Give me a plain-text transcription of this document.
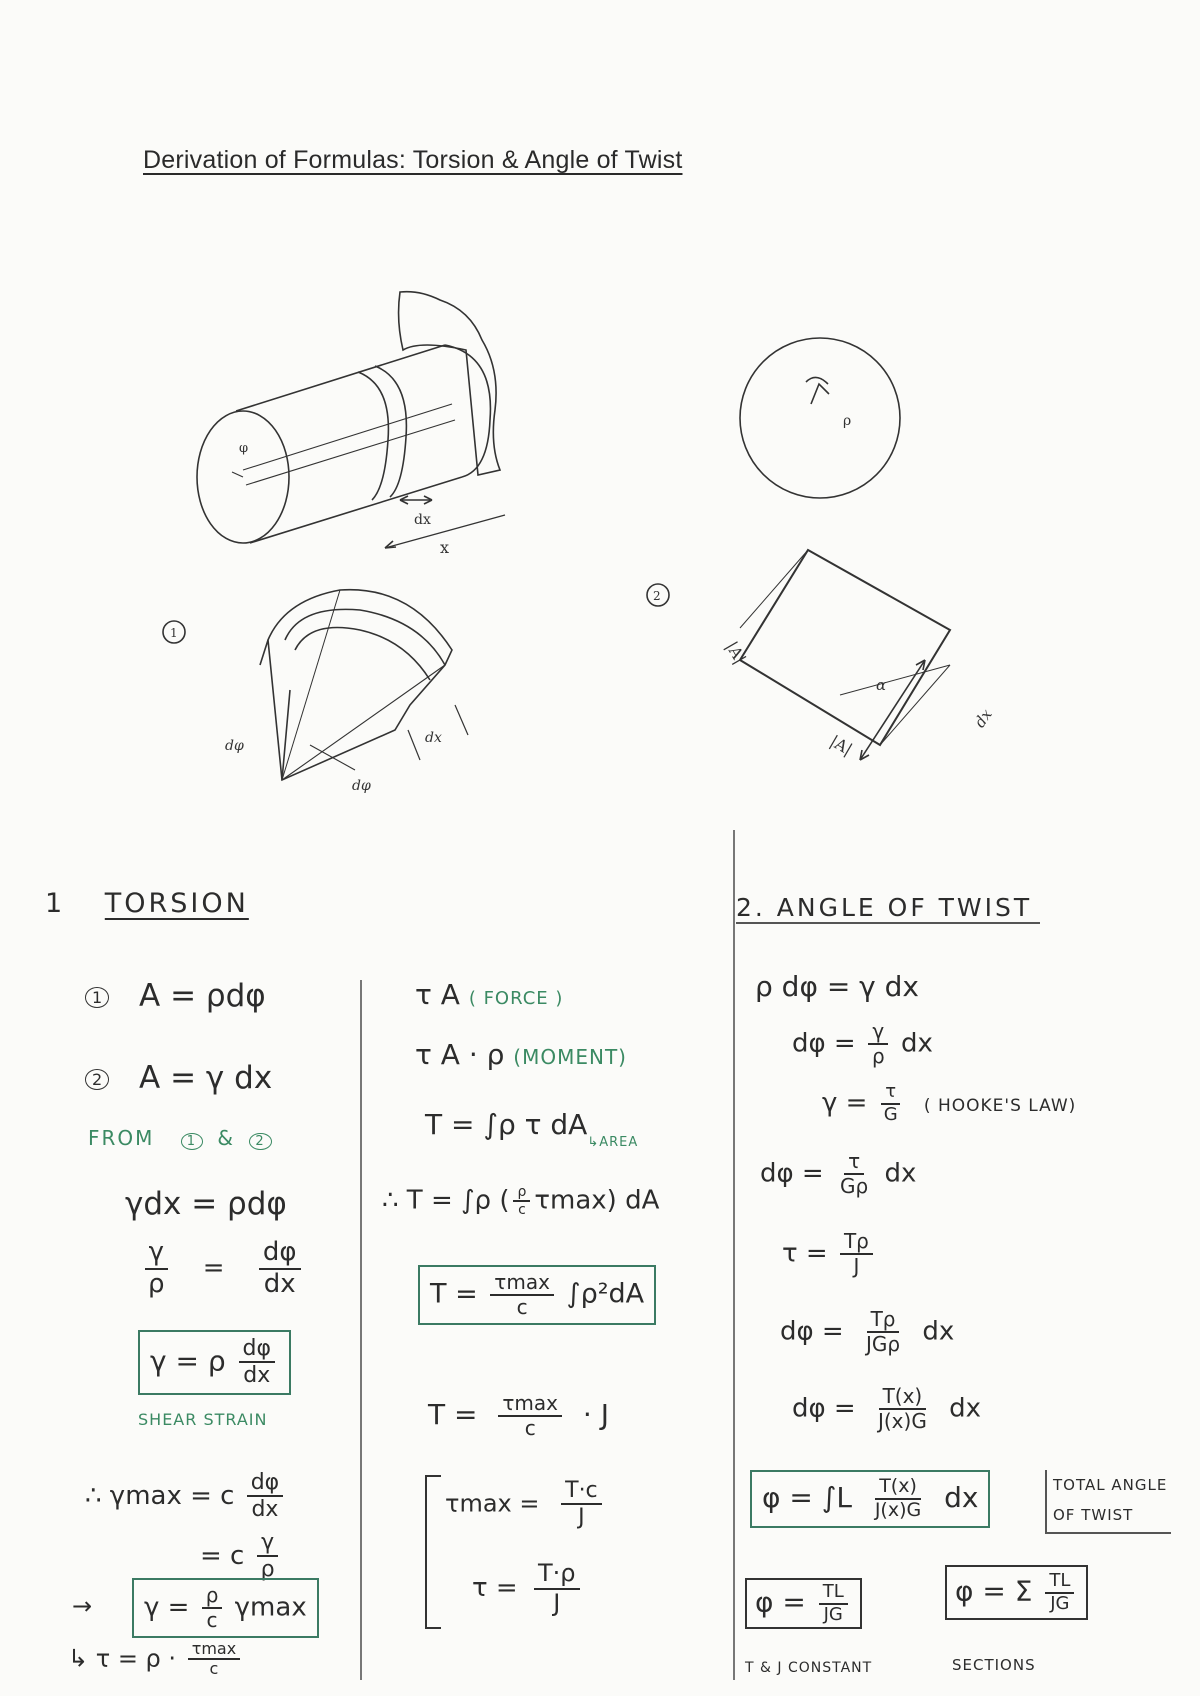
Derivation of Formulas: Torsion & Angle of Twist
φ
dx
x
ρ
dφ
dφ
dx
|A|
|A|
α
dx
1
2
1 TORSION
1 A = ρdφ
2 A = γ dx
FROM 1 & 2
γdx = ρdφ
$\frac{\gamma}{\rho} = \frac{d\varphi}{dx}$
γ = ρ $\frac{d\varphi}{dx}$
SHEAR STRAIN
∴ γmax = c $\frac{d\varphi}{dx}$
= c $\frac{\gamma}{\rho}$
→	$\gamma = \frac{\rho}{c}$ γmax
↳ $\tau = \rho \cdot \frac{\tau\max}{c}$
τ A ( FORCE )
τ A · ρ (MOMENT)
T = ∫ρ τ $dA_{↳AREA}$
∴ T = ∫ρ ( $\frac{\rho}{c} \tau\max$) dA
$T = \frac{\tau\max}{c} \int\rho^2dA$
$T = \frac{\tau\max}{c} \cdot J$
$\tau\max = \frac{T\cdot c}{J}$
$\tau = \frac{T\cdot\rho}{J}$
2. ANGLE OF TWIST
ρ dφ = γ dx
$d\varphi = \frac{\gamma}{\rho}$ dx
$\gamma = \frac{\tau}{G}$ ( HOOKE'S LAW)
$d\varphi = \frac{\tau}{G\rho}$ dx
$\tau = \frac{T\rho}{J}$
$d\varphi = \frac{T\rho}{\text{JGρ}}$ dx
$d\varphi = \frac{T(x)}{J(x)G}$ dx
$\varphi = \int L \frac{T(x)}{J(x)G}$ dx	TOTAL ANGLE
OF TWIST
$\varphi = \frac{TL}{JG}$
T & J CONSTANT
φ = Σ $\frac{TL}{JG}$
SECTIONS
